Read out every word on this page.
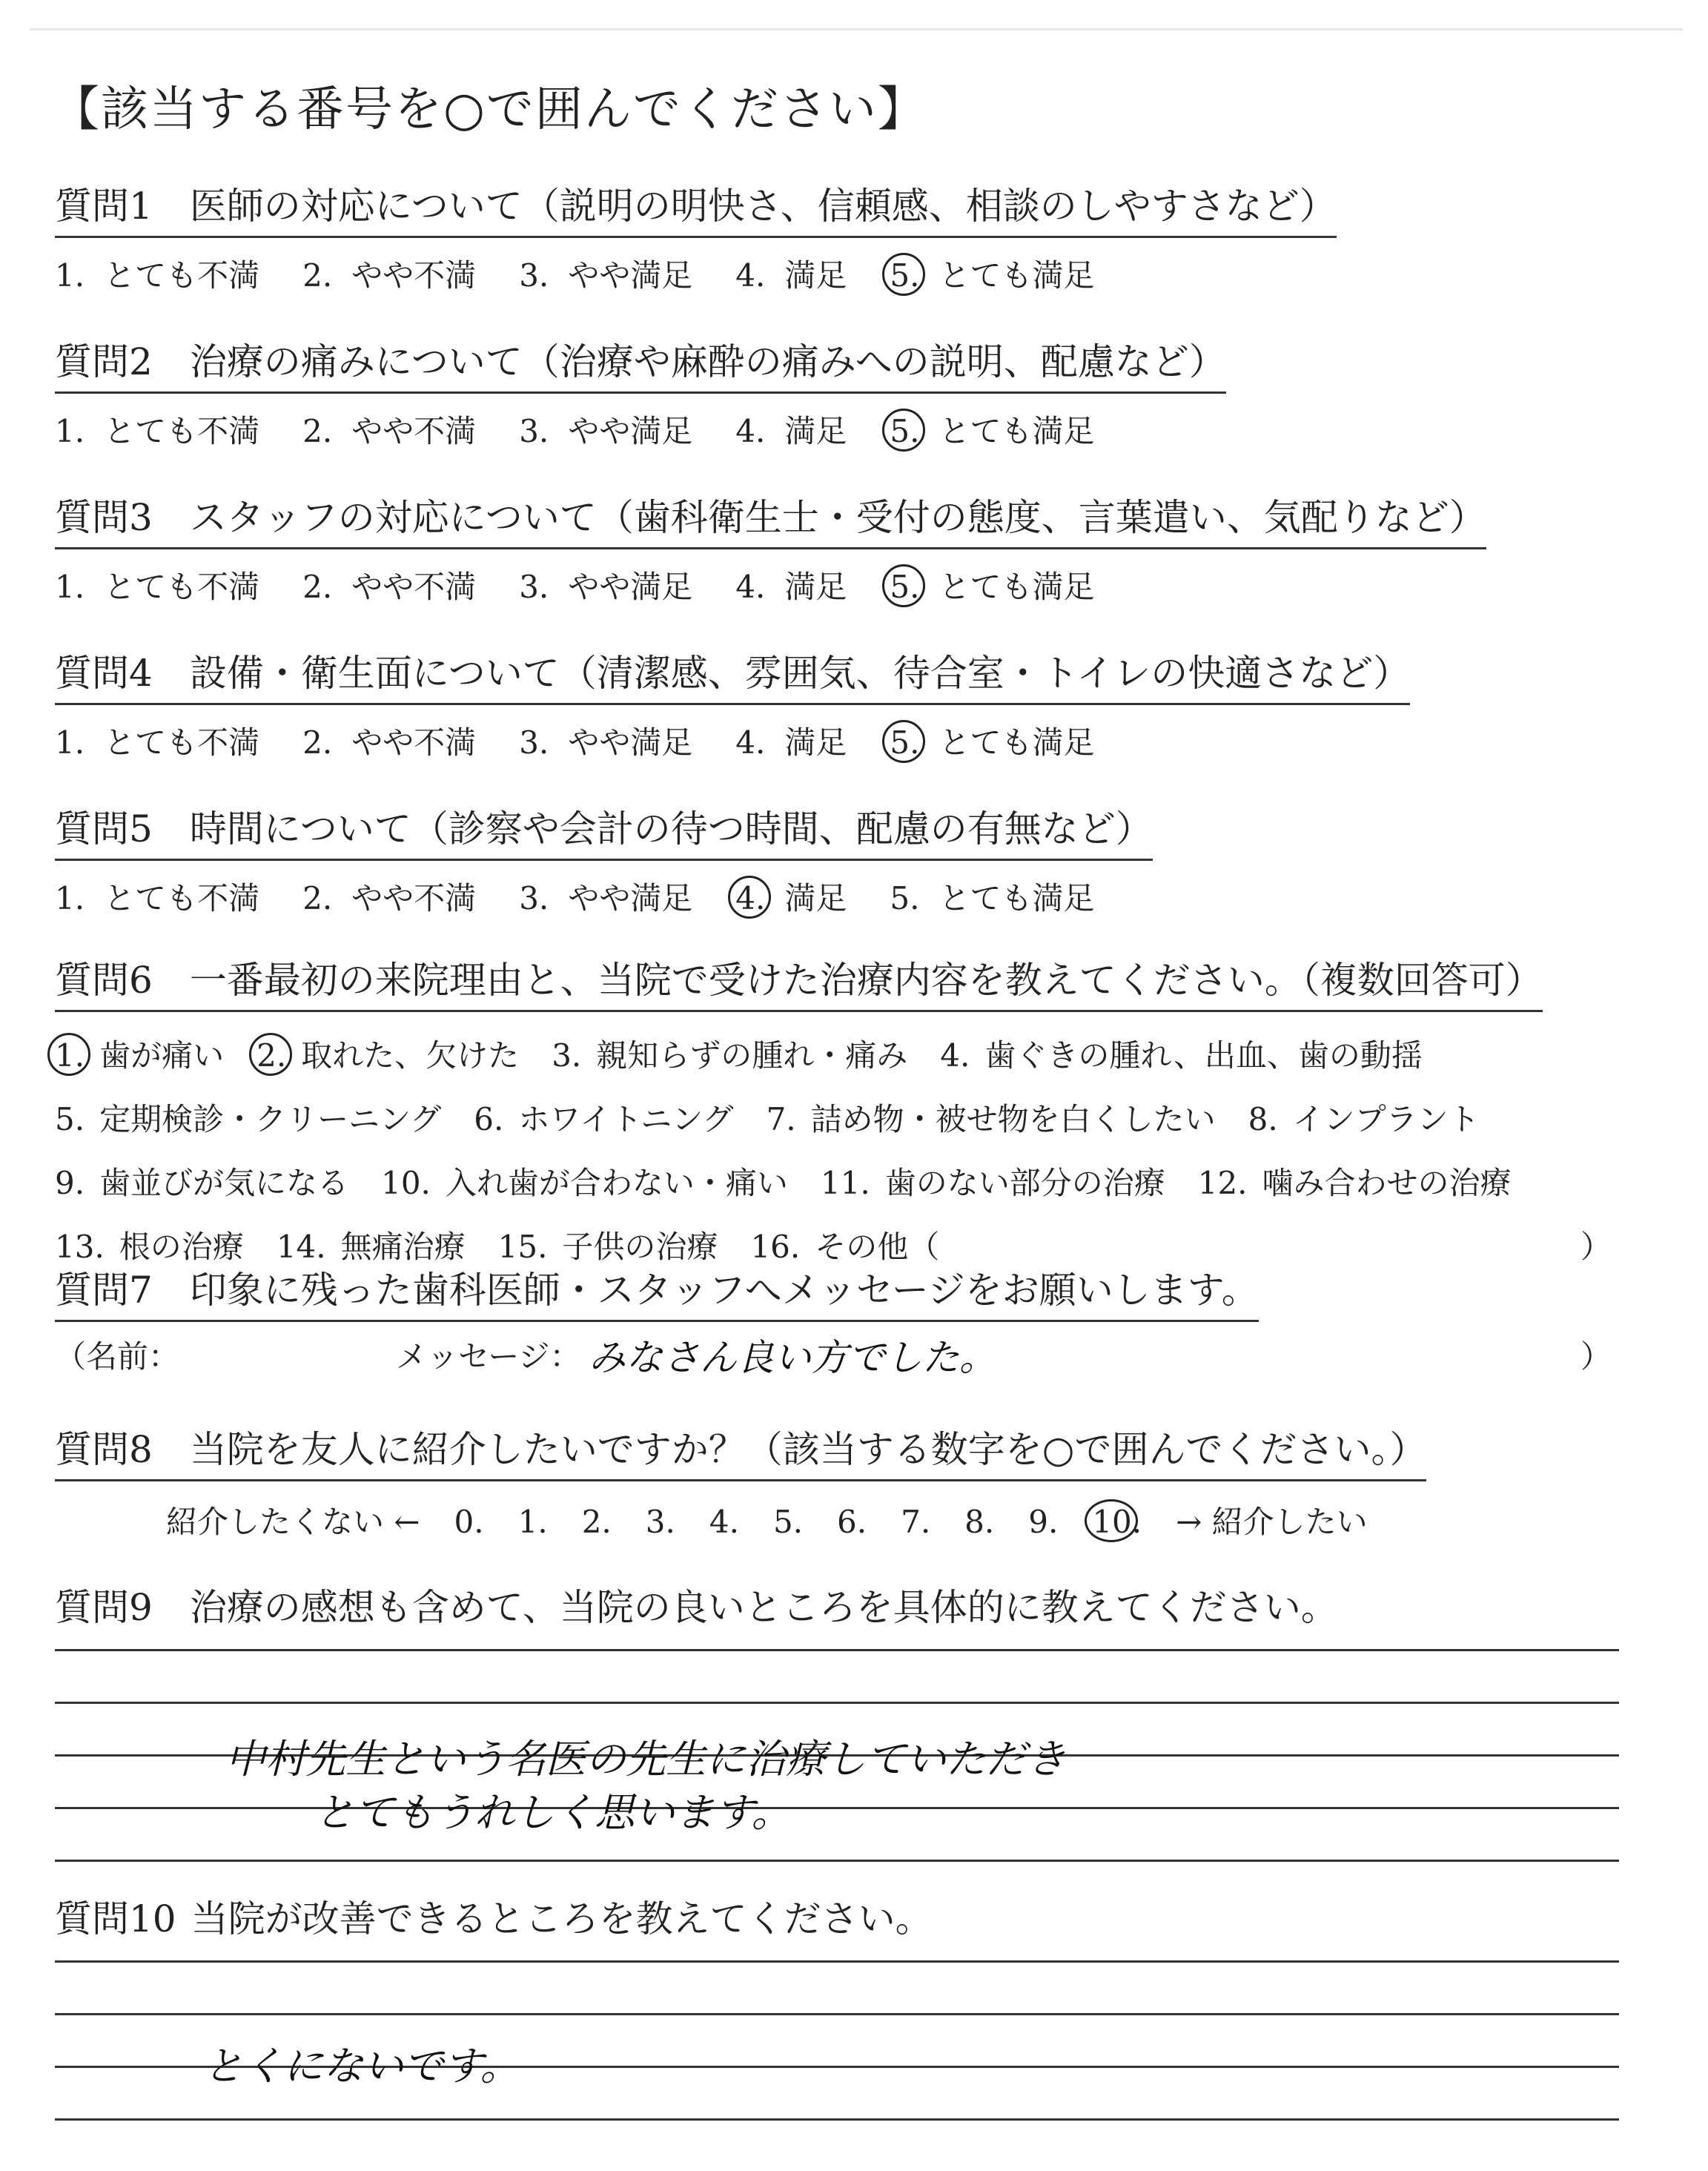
【該当する番号を○で囲んでください】
質問1 医師の対応について（説明の明快さ、信頼感、相談のしやすさなど）
1. とても不満 2. やや不満 3. やや満足 4. 満足 5. とても満足
質問2 治療の痛みについて（治療や麻酔の痛みへの説明、配慮など）
1. とても不満 2. やや不満 3. やや満足 4. 満足 5. とても満足
質問3 スタッフの対応について（歯科衛生士・受付の態度、言葉遣い、気配りなど）
1. とても不満 2. やや不満 3. やや満足 4. 満足 5. とても満足
質問4 設備・衛生面について（清潔感、雰囲気、待合室・トイレの快適さなど）
1. とても不満 2. やや不満 3. やや満足 4. 満足 5. とても満足
質問5 時間について（診察や会計の待つ時間、配慮の有無など）
1. とても不満 2. やや不満 3. やや満足 4. 満足 5. とても満足
質問6 一番最初の来院理由と、当院で受けた治療内容を教えてください。（複数回答可）
1. 歯が痛い 2. 取れた、欠けた 3. 親知らずの腫れ・痛み 4. 歯ぐきの腫れ、出血、歯の動揺
5. 定期検診・クリーニング 6. ホワイトニング 7. 詰め物・被せ物を白くしたい 8. インプラント
9. 歯並びが気になる 10. 入れ歯が合わない・痛い 11. 歯のない部分の治療 12. 噛み合わせの治療
13. 根の治療 14. 無痛治療 15. 子供の治療 16. その他（	）
質問7 印象に残った歯科医師・スタッフへメッセージをお願いします。
（名前：	メッセージ： みなさん良い方でした。	）
質問8 当院を友人に紹介したいですか？（該当する数字を○で囲んでください。）
紹介したくない ← 0. 1. 2. 3. 4. 5. 6. 7. 8. 9. 10. → 紹介したい
質問9 治療の感想も含めて、当院の良いところを具体的に教えてください。
中村先生という名医の先生に治療していただき
とてもうれしく思います。
質問10 当院が改善できるところを教えてください。
とくにないです。
